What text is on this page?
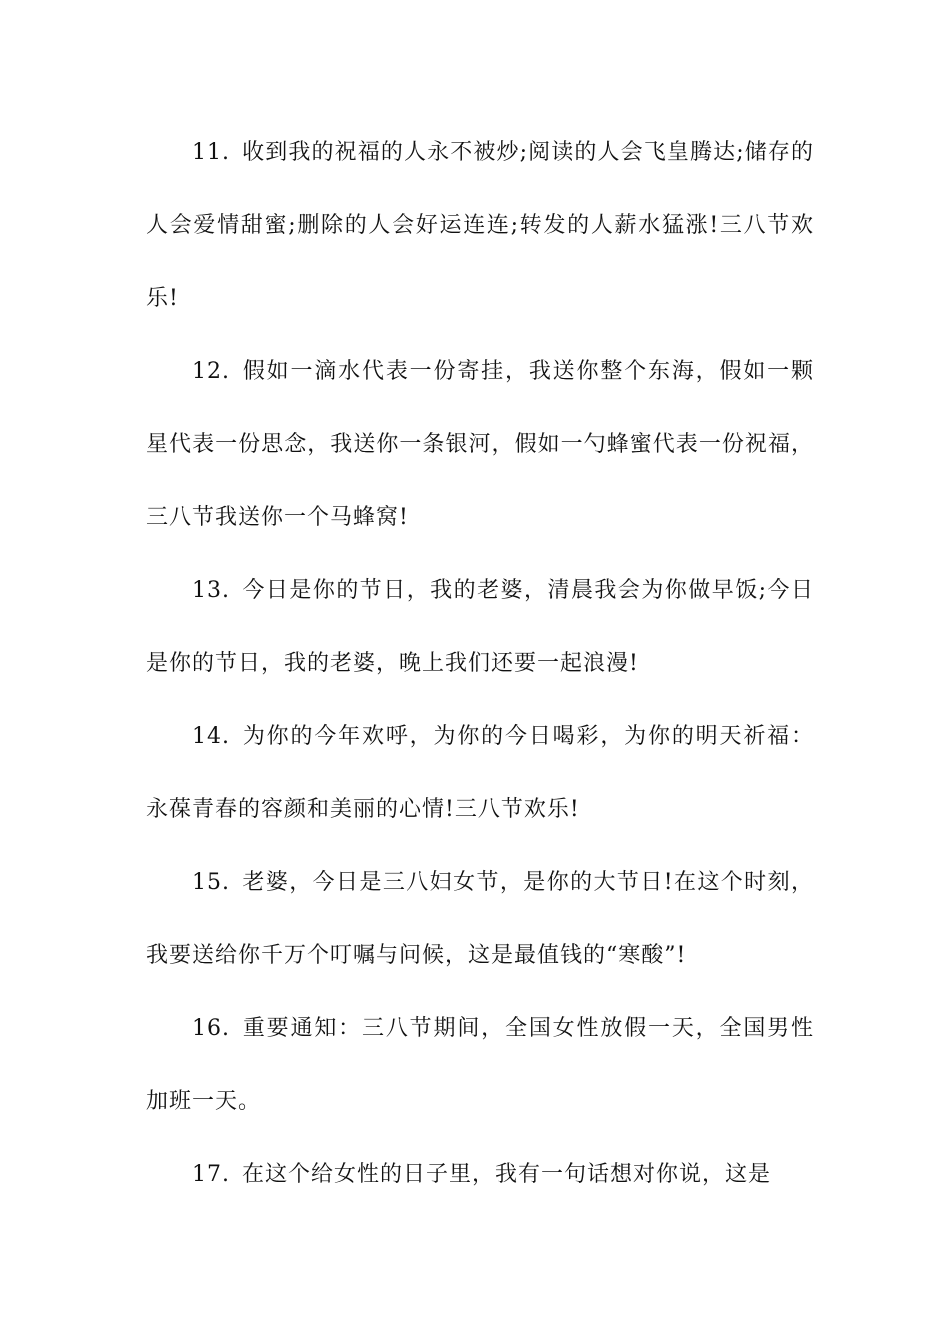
11. 收到我的祝福的人永不被炒;阅读的人会飞皇腾达;储存的人会爱情甜蜜;删除的人会好运连连;转发的人薪水猛涨!三八节欢乐!

12. 假如一滴水代表一份寄挂，我送你整个东海，假如一颗星代表一份思念，我送你一条银河，假如一勺蜂蜜代表一份祝福，三八节我送你一个马蜂窝!

13. 今日是你的节日，我的老婆，清晨我会为你做早饭;今日是你的节日，我的老婆，晚上我们还要一起浪漫!

14. 为你的今年欢呼，为你的今日喝彩，为你的明天祈福：永葆青春的容颜和美丽的心情!三八节欢乐!

15. 老婆，今日是三八妇女节，是你的大节日!在这个时刻，我要送给你千万个叮嘱与问候，这是最值钱的“寒酸”!

16. 重要通知：三八节期间，全国女性放假一天，全国男性加班一天。

17. 在这个给女性的日子里，我有一句话想对你说，这是
